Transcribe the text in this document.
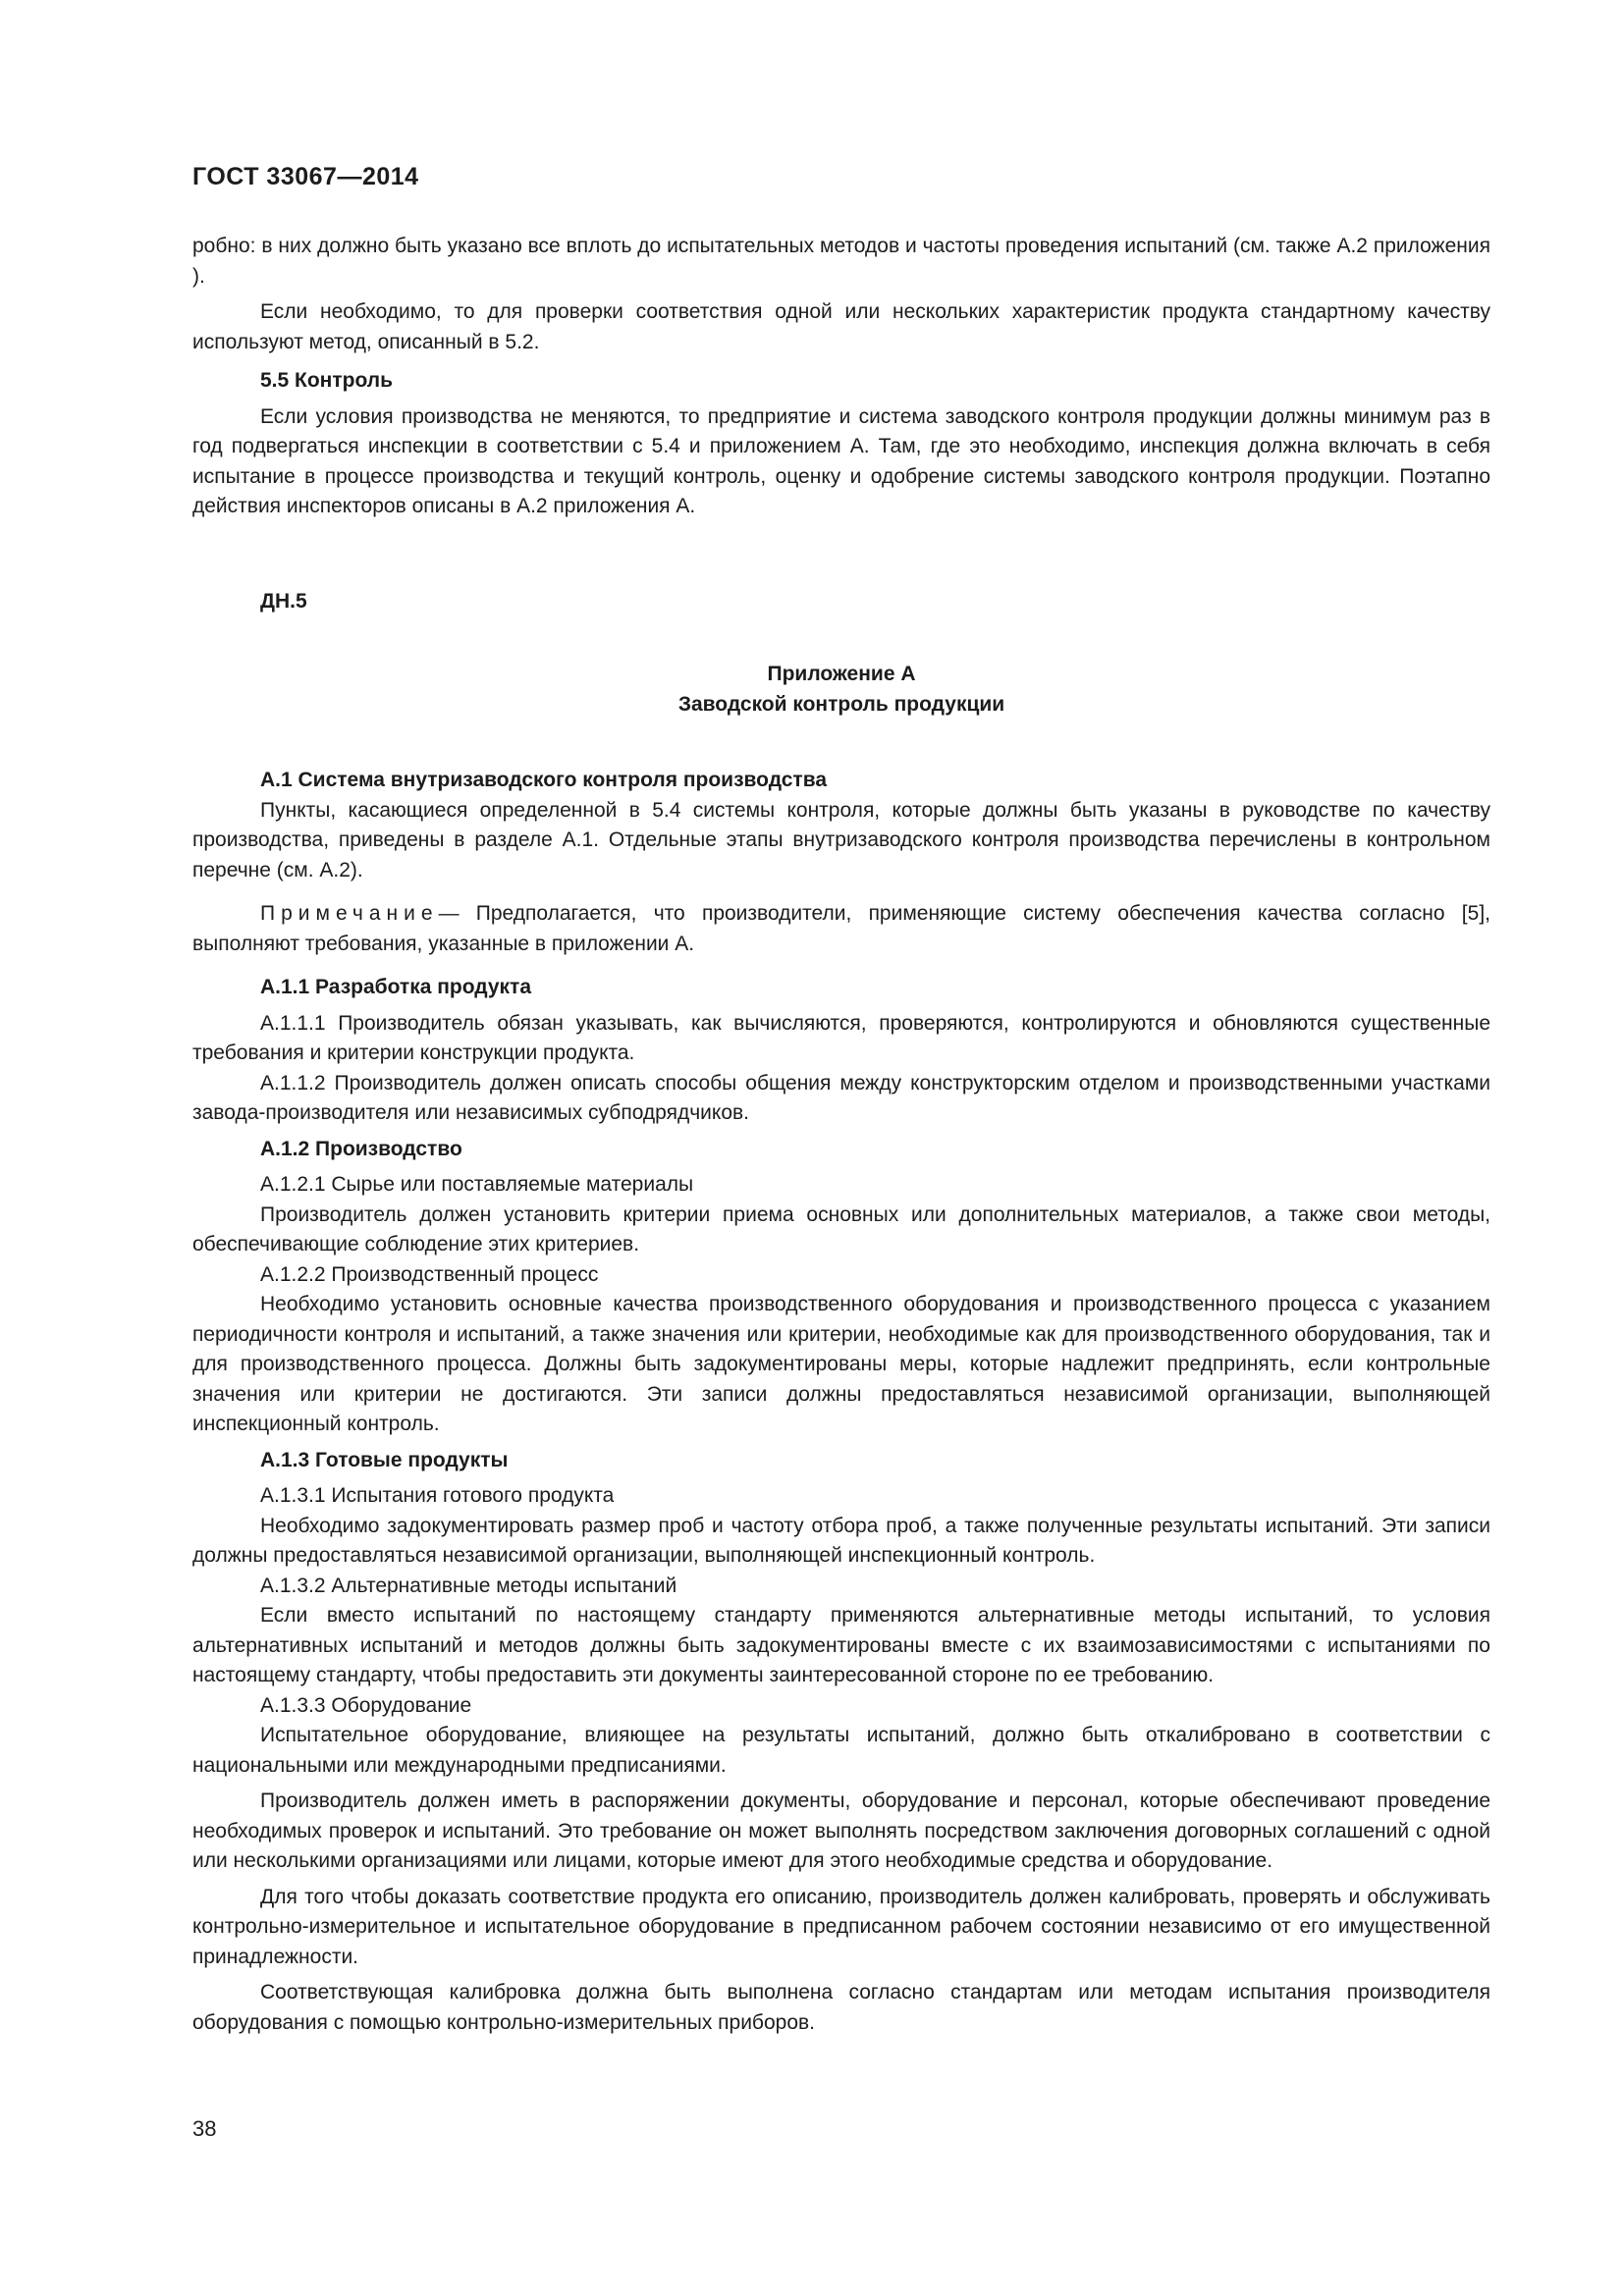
ГОСТ 33067—2014

робно: в них должно быть указано все вплоть до испытательных методов и частоты проведения испытаний (см. также А.2 приложения ).

Если необходимо, то для проверки соответствия одной или нескольких характеристик продукта стандартному качеству используют метод, описанный в 5.2.

5.5 Контроль

Если условия производства не меняются, то предприятие и система заводского контроля продукции должны минимум раз в год подвергаться инспекции в соответствии с 5.4 и приложением А. Там, где это необходимо, инспекция должна включать в себя испытание в процессе производства и текущий контроль, оценку и одобрение системы заводского контроля продукции. Поэтапно действия инспекторов описаны в А.2 приложения А.

ДН.5
Приложение А
Заводской контроль продукции
А.1 Система внутризаводского контроля производства

Пункты, касающиеся определенной в 5.4 системы контроля, которые должны быть указаны в руководстве по качеству производства, приведены в разделе А.1. Отдельные этапы внутризаводского контроля производства перечислены в контрольном перечне (см. А.2).

Примечание— Предполагается, что производители, применяющие систему обеспечения качества согласно [5], выполняют требования, указанные в приложении А.

А.1.1 Разработка продукта

А.1.1.1 Производитель обязан указывать, как вычисляются, проверяются, контролируются и обновляются существенные требования и критерии конструкции продукта.

А.1.1.2 Производитель должен описать способы общения между конструкторским отделом и производственными участками завода-производителя или независимых субподрядчиков.

А.1.2 Производство

А.1.2.1 Сырье или поставляемые материалы

Производитель должен установить критерии приема основных или дополнительных материалов, а также свои методы, обеспечивающие соблюдение этих критериев.

А.1.2.2 Производственный процесс

Необходимо установить основные качества производственного оборудования и производственного процесса с указанием периодичности контроля и испытаний, а также значения или критерии, необходимые как для производственного оборудования, так и для производственного процесса. Должны быть задокументированы меры, которые надлежит предпринять, если контрольные значения или критерии не достигаются. Эти записи должны предоставляться независимой организации, выполняющей инспекционный контроль.

А.1.3 Готовые продукты

А.1.3.1 Испытания готового продукта

Необходимо задокументировать размер проб и частоту отбора проб, а также полученные результаты испытаний. Эти записи должны предоставляться независимой организации, выполняющей инспекционный контроль.

А.1.3.2 Альтернативные методы испытаний

Если вместо испытаний по настоящему стандарту применяются альтернативные методы испытаний, то условия альтернативных испытаний и методов должны быть задокументированы вместе с их взаимозависимостями с испытаниями по настоящему стандарту, чтобы предоставить эти документы заинтересованной стороне по ее требованию.

А.1.3.3 Оборудование

Испытательное оборудование, влияющее на результаты испытаний, должно быть откалибровано в соответствии с национальными или международными предписаниями.

Производитель должен иметь в распоряжении документы, оборудование и персонал, которые обеспечивают проведение необходимых проверок и испытаний. Это требование он может выполнять посредством заключения договорных соглашений с одной или несколькими организациями или лицами, которые имеют для этого необходимые средства и оборудование.

Для того чтобы доказать соответствие продукта его описанию, производитель должен калибровать, проверять и обслуживать контрольно-измерительное и испытательное оборудование в предписанном рабочем состоянии независимо от его имущественной принадлежности.

Соответствующая калибровка должна быть выполнена согласно стандартам или методам испытания производителя оборудования с помощью контрольно-измерительных приборов.

38
